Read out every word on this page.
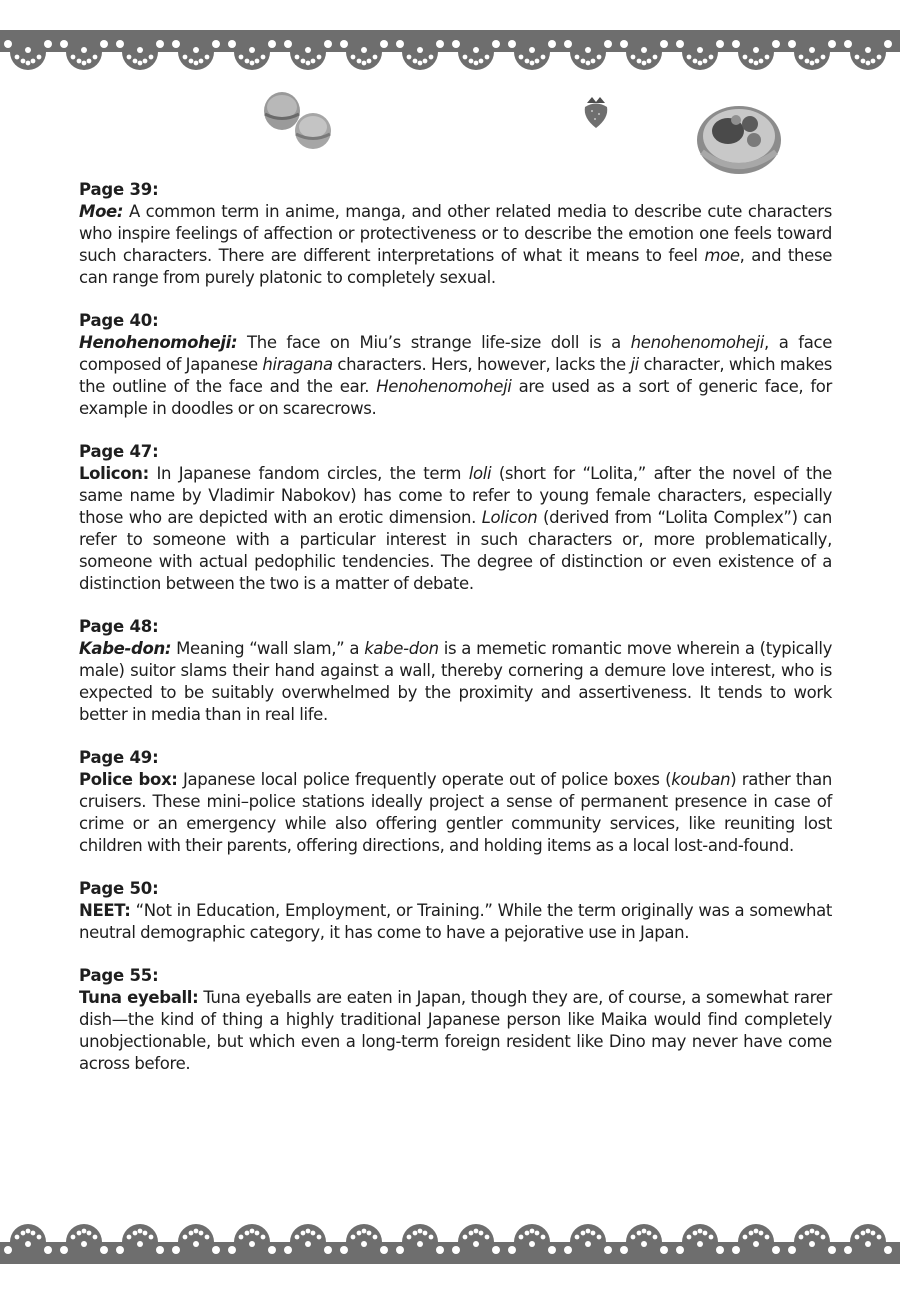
Page 39:
Moe: A common term in anime, manga, and other related media to describe cute characters who inspire feelings of affection or protectiveness or to describe the emotion one feels toward such characters. There are different interpretations of what it means to feel moe, and these can range from purely platonic to completely sexual.
Page 40:
Henohenomoheji: The face on Miu’s strange life-size doll is a henohenomoheji, a face composed of Japanese hiragana characters. Hers, however, lacks the ji character, which makes the outline of the face and the ear. Henohenomoheji are used as a sort of generic face, for example in doodles or on scarecrows.
Page 47:
Lolicon: In Japanese fandom circles, the term loli (short for “Lolita,” after the novel of the same name by Vladimir Nabokov) has come to refer to young female characters, especially those who are depicted with an erotic dimension. Lolicon (derived from “Lolita Complex”) can refer to someone with a particular interest in such characters or, more problematically, someone with actual pedophilic tendencies. The degree of distinction or even existence of a distinction between the two is a matter of debate.
Page 48:
Kabe-don: Meaning “wall slam,” a kabe-don is a memetic romantic move wherein a (typically male) suitor slams their hand against a wall, thereby cornering a demure love interest, who is expected to be suitably overwhelmed by the proximity and assertiveness. It tends to work better in media than in real life.
Page 49:
Police box: Japanese local police frequently operate out of police boxes (kouban) rather than cruisers. These mini–police stations ideally project a sense of permanent presence in case of crime or an emergency while also offering gentler community services, like reuniting lost children with their parents, offering directions, and holding items as a local lost-and-found.
Page 50:
NEET: “Not in Education, Employment, or Training.” While the term originally was a somewhat neutral demographic category, it has come to have a pejorative use in Japan.
Page 55:
Tuna eyeball: Tuna eyeballs are eaten in Japan, though they are, of course, a somewhat rarer dish—the kind of thing a highly traditional Japanese person like Maika would find completely unobjectionable, but which even a long-term foreign resident like Dino may never have come across before.
